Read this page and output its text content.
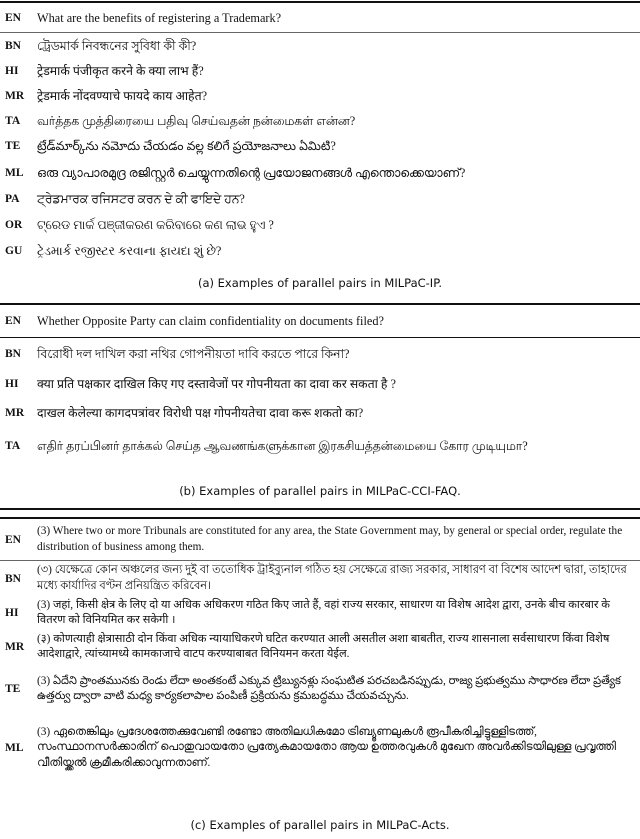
EN	What are the benefits of registering a Trademark?
BN	ট্রেডমার্ক নিবন্ধনের সুবিধা কী কী?
HI	ट्रेडमार्क पंजीकृत करने के क्या लाभ हैं?
MR	ट्रेडमार्क नोंदवण्याचे फायदे काय आहेत?
TA	வர்த்தக முத்திரையை பதிவு செய்வதன் நன்மைகள் என்ன?
TE	ట్రేడ్‌మార్క్‌ను నమోదు చేయడం వల్ల కలిగే ప్రయోజనాలు ఏమిటి?
ML	ഒരു വ്യാപാരമുദ്ര രജിസ്റ്റർ ചെയ്യുന്നതിന്റെ പ്രയോജനങ്ങൾ എന്തൊക്കെയാണ്?
PA	ਟ੍ਰੇਡਮਾਰਕ ਰਜਿਸਟਰ ਕਰਨ ਦੇ ਕੀ ਫਾਇਦੇ ਹਨ?
OR	ଟ୍ରେଡ ମାର୍କ ପଞ୍ଜୀକରଣ କରିବାରେ କଣ ଲାଭ ହୁଏ ?
GU	ટ્રેડમાર્ક રજીસ્ટર કરવાના ફાયદા શું છે?
(a) Examples of parallel pairs in MILPaC-IP.
EN	Whether Opposite Party can claim confidentiality on documents filed?
BN	বিরোধী দল দাখিল করা নথির গোপনীয়তা দাবি করতে পারে কিনা?
HI	क्या प्रति पक्षकार दाखिल किए गए दस्तावेजों पर गोपनीयता का दावा कर सकता है ?
MR	दाखल केलेल्या कागदपत्रांवर विरोधी पक्ष गोपनीयतेचा दावा करू शकतो का?
TA	எதிர் தரப்பினர் தாக்கல் செய்த ஆவணங்களுக்கான இரகசியத்தன்மையை கோர முடியுமா?
(b) Examples of parallel pairs in MILPaC-CCI-FAQ.
EN
(3) Where two or more Tribunals are constituted for any area, the State Government may, by general or special order, regulate the distribution of business among them.
BN
(৩) যেক্ষেত্রে কোন অঞ্চলের জন্য দুই বা ততোধিক ট্রাইব্যুনাল গঠিত হয় সেক্ষেত্রে রাজ্য সরকার, সাধারণ বা বিশেষ আদেশ দ্বারা, তাহাদের মধ্যে কার্যাদির বণ্টন প্রনিয়ন্ত্রিত করিবেন।
HI
(3) जहां, किसी क्षेत्र के लिए दो या अधिक अधिकरण गठित किए जाते हैं, वहां राज्य सरकार, साधारण या विशेष आदेश द्वारा, उनके बीच कारबार के वितरण को विनियमित कर सकेगी ।
MR
(३) कोणत्याही क्षेत्रासाठी दोन किंवा अधिक न्यायाधिकरणे घटित करण्यात आली असतील अशा बाबतीत, राज्य शासनाला सर्वसाधारण किंवा विशेष आदेशाद्वारे, त्यांच्यामध्ये कामकाजाचे वाटप करण्याबाबत विनियमन करता येईल.
TE
(3) ఏదేని ప్రాంతమునకు రెండు లేదా అంతకంటే ఎక్కువ ట్రిబ్యునళ్లు సంఘటిత పరచబడినప్పుడు, రాజ్య ప్రభుత్వము సాధారణ లేదా ప్రత్యేక ఉత్తర్వు ద్వారా వాటి మధ్య కార్యకలాపాల పంపిణీ ప్రక్రియను క్రమబద్ధము చేయవచ్చును.
ML
(3) ഏതെങ്കിലും പ്രദേശത്തേക്കുവേണ്ടി രണ്ടോ അതിലധികമോ ട്രിബ്യൂണലുകൾ രൂപീകരിച്ചിട്ടുള്ളിടത്ത്, സംസ്ഥാനസർക്കാരിന് പൊതുവായതോ പ്രത്യേകമായതോ ആയ ഉത്തരവുകൾ മുഖേന അവർക്കിടയിലുള്ള പ്രവൃത്തി വീതിയ്ക്കൽ ക്രമീകരിക്കാവുന്നതാണ്.
(c) Examples of parallel pairs in MILPaC-Acts.
